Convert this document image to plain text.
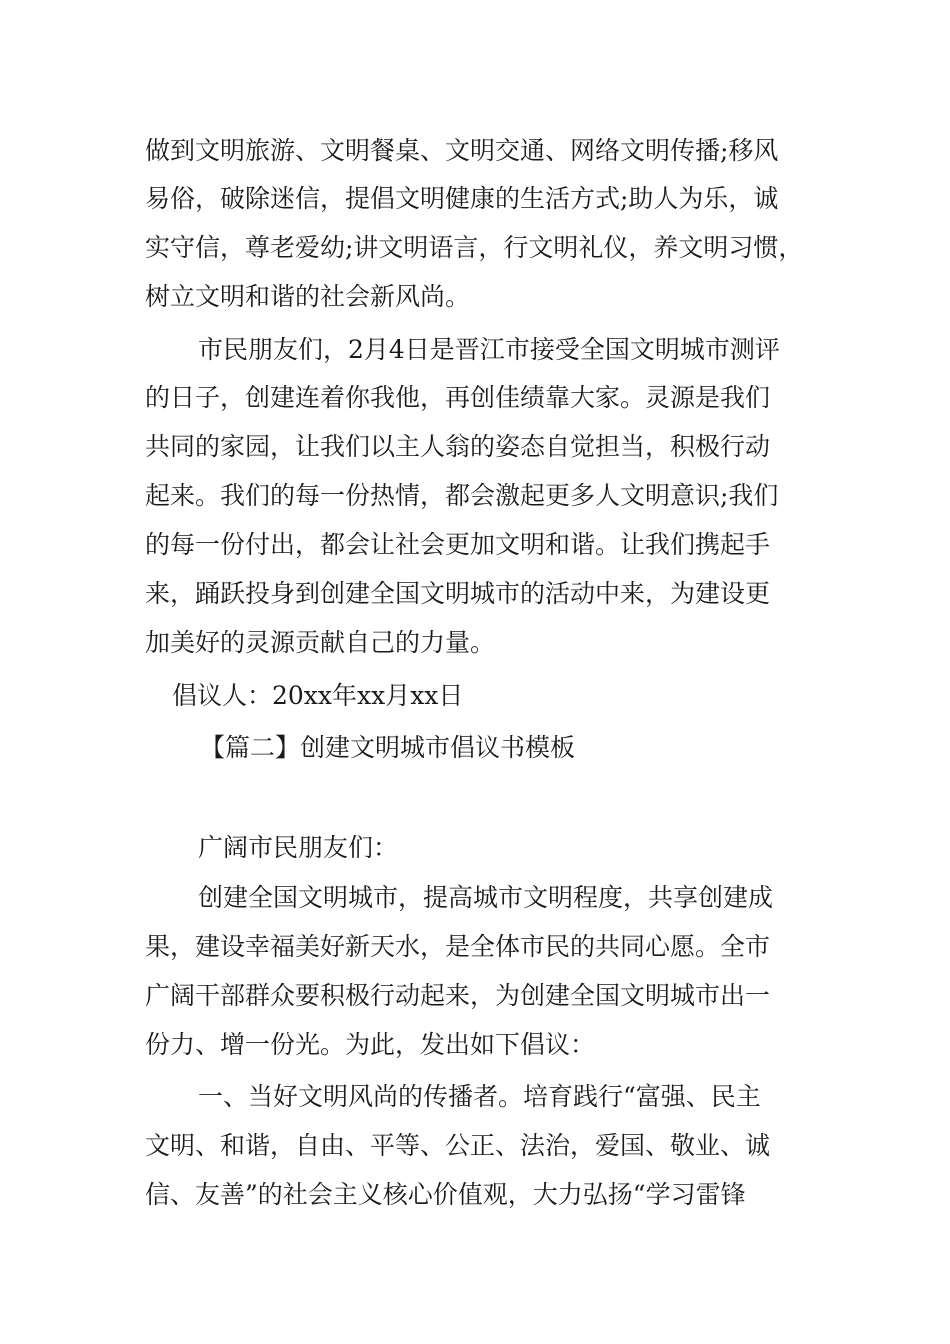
做到文明旅游、文明餐桌、文明交通、网络文明传播;移风
易俗，破除迷信，提倡文明健康的生活方式;助人为乐，诚
实守信，尊老爱幼;讲文明语言，行文明礼仪，养文明习惯，
树立文明和谐的社会新风尚。
市民朋友们，2月4日是晋江市接受全国文明城市测评
的日子，创建连着你我他，再创佳绩靠大家。灵源是我们
共同的家园，让我们以主人翁的姿态自觉担当，积极行动
起来。我们的每一份热情，都会激起更多人文明意识;我们
的每一份付出，都会让社会更加文明和谐。让我们携起手
来，踊跃投身到创建全国文明城市的活动中来，为建设更
加美好的灵源贡献自己的力量。
倡议人：20xx年xx月xx日
【篇二】创建文明城市倡议书模板
广阔市民朋友们：
创建全国文明城市，提高城市文明程度，共享创建成
果，建设幸福美好新天水，是全体市民的共同心愿。全市
广阔干部群众要积极行动起来，为创建全国文明城市出一
份力、增一份光。为此，发出如下倡议：
一、当好文明风尚的传播者。培育践行“富强、民主
文明、和谐，自由、平等、公正、法治，爱国、敬业、诚
信、友善”的社会主义核心价值观，大力弘扬“学习雷锋
